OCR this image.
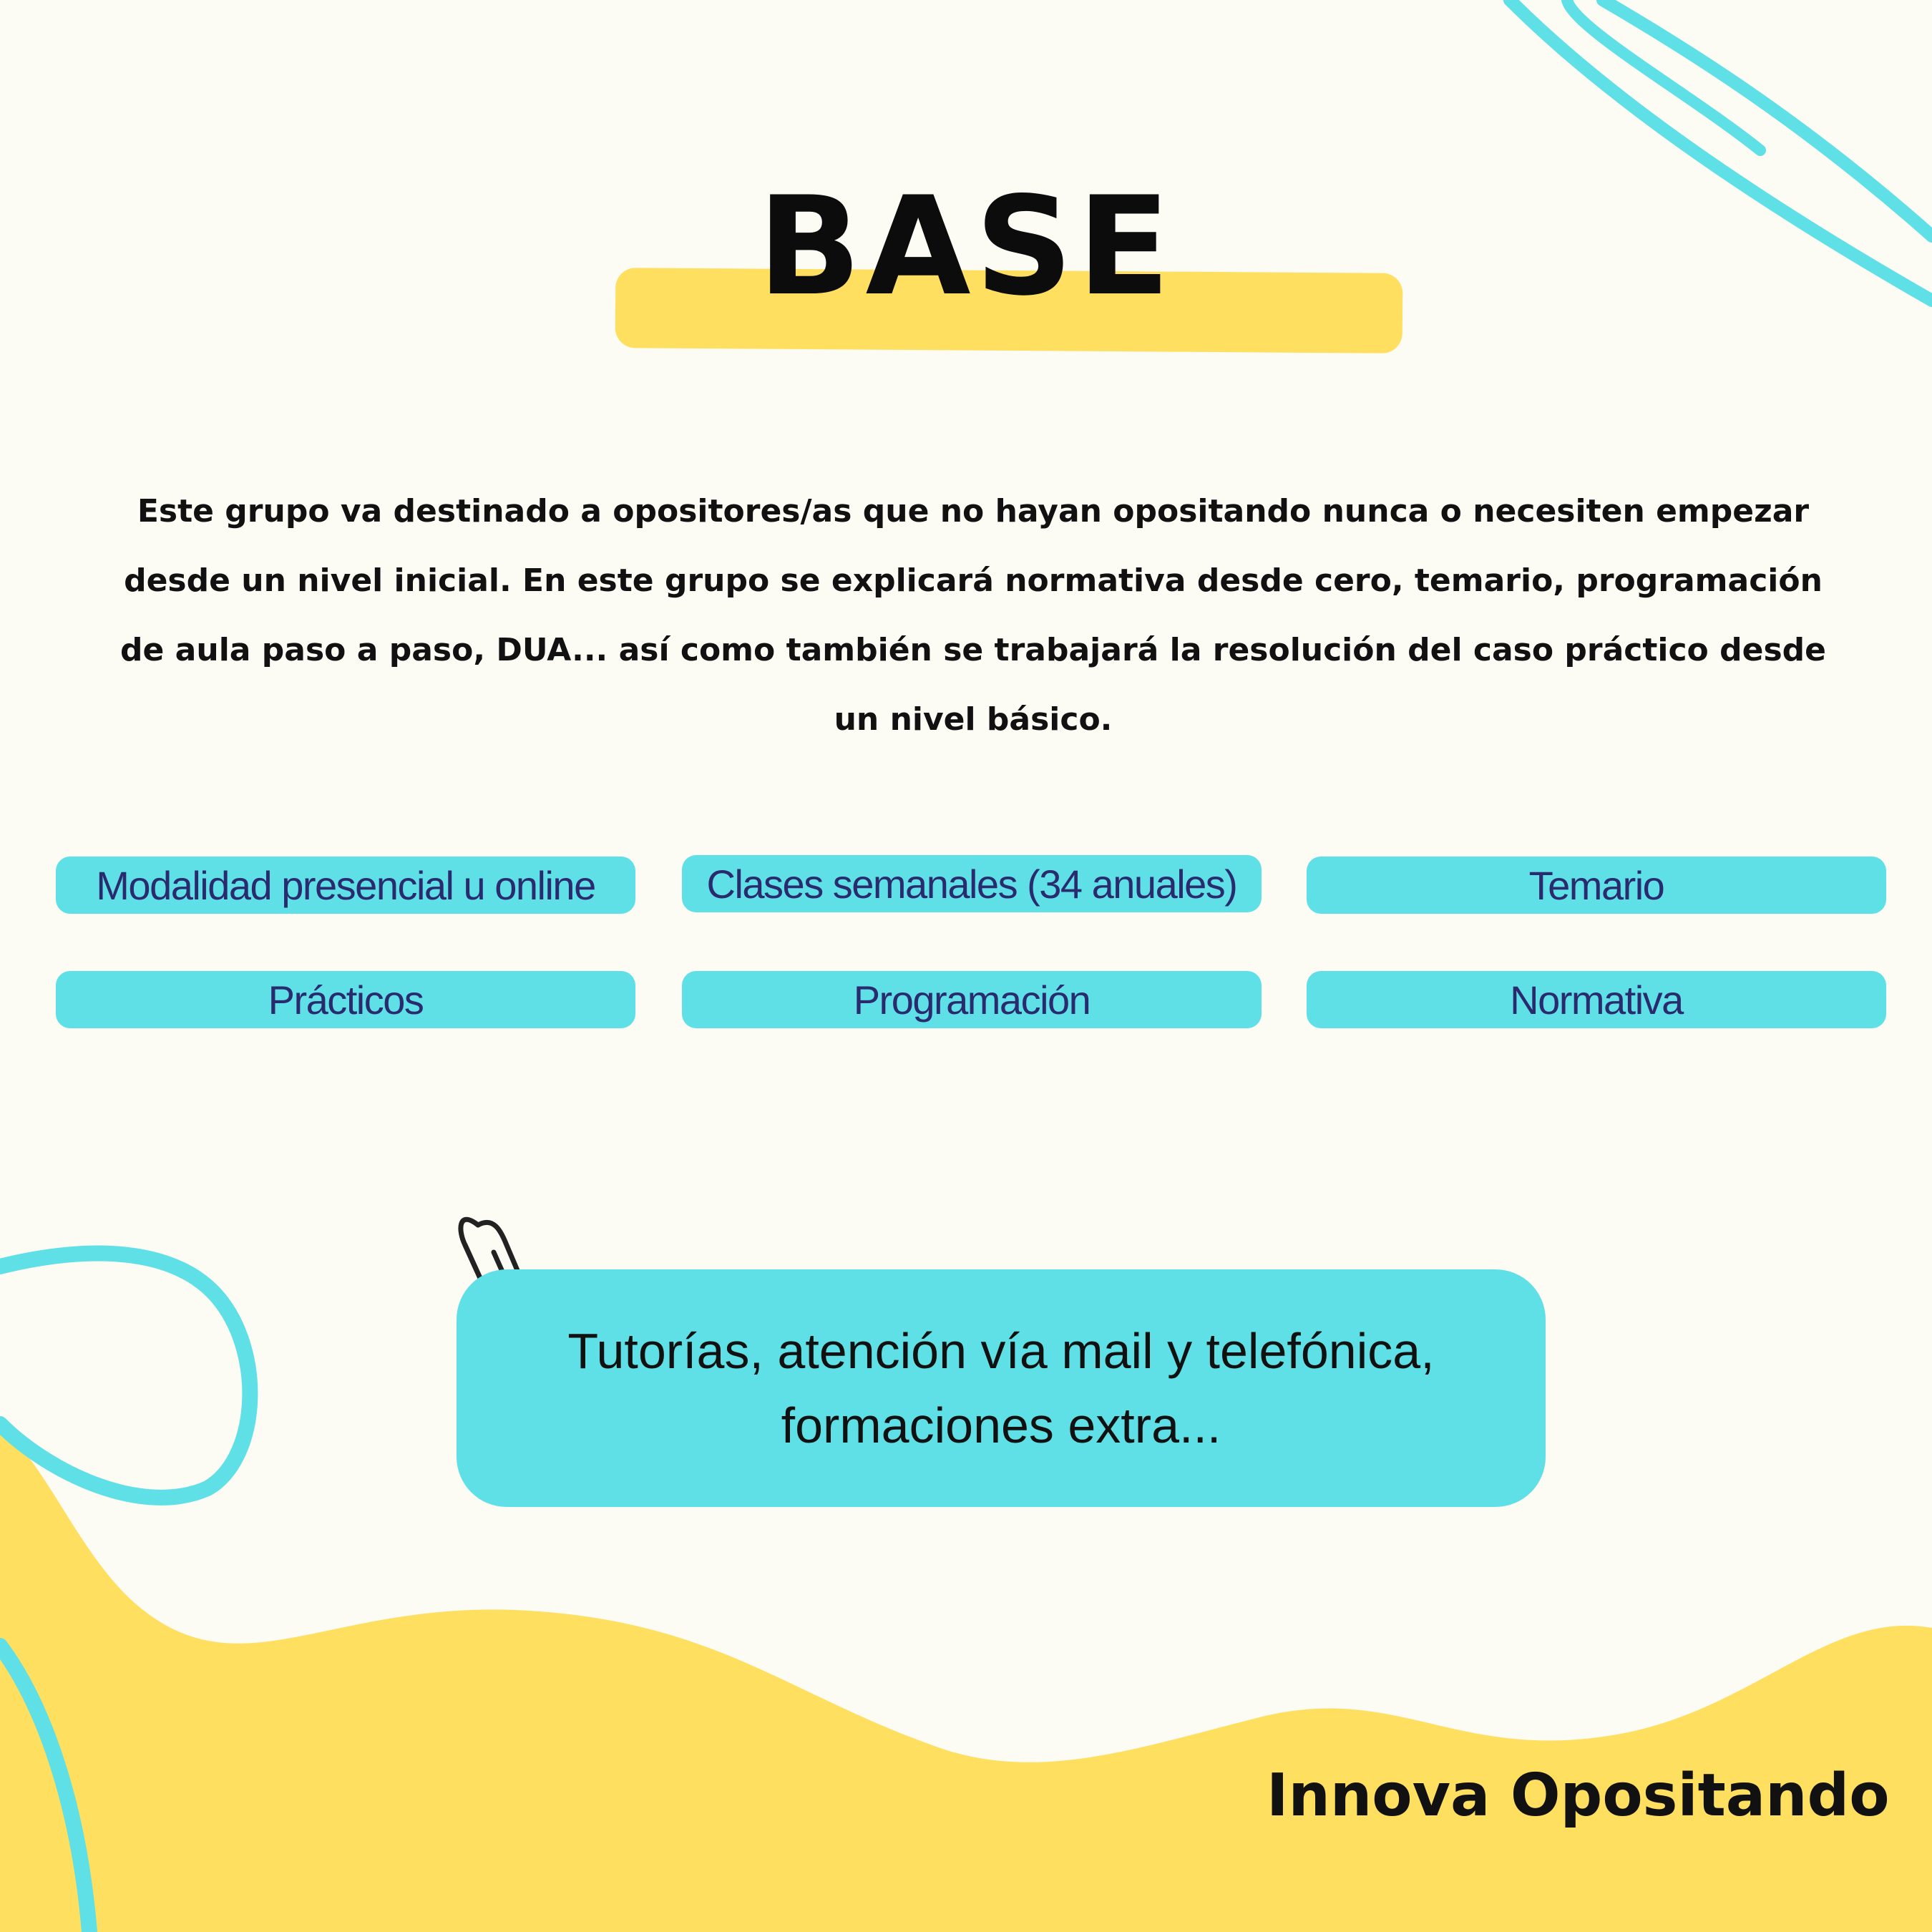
BASE

Este grupo va destinado a opositores/as que no hayan opositando nunca o necesiten empezar desde un nivel inicial. En este grupo se explicará normativa desde cero, temario, programación de aula paso a paso, DUA... así como también se trabajará la resolución del caso práctico desde un nivel básico.

Modalidad presencial u online	Clases semanales (34 anuales)	Temario
Prácticos	Programación	Normativa
Tutorías, atención vía mail y telefónica,
formaciones extra...
Innova Opositando
